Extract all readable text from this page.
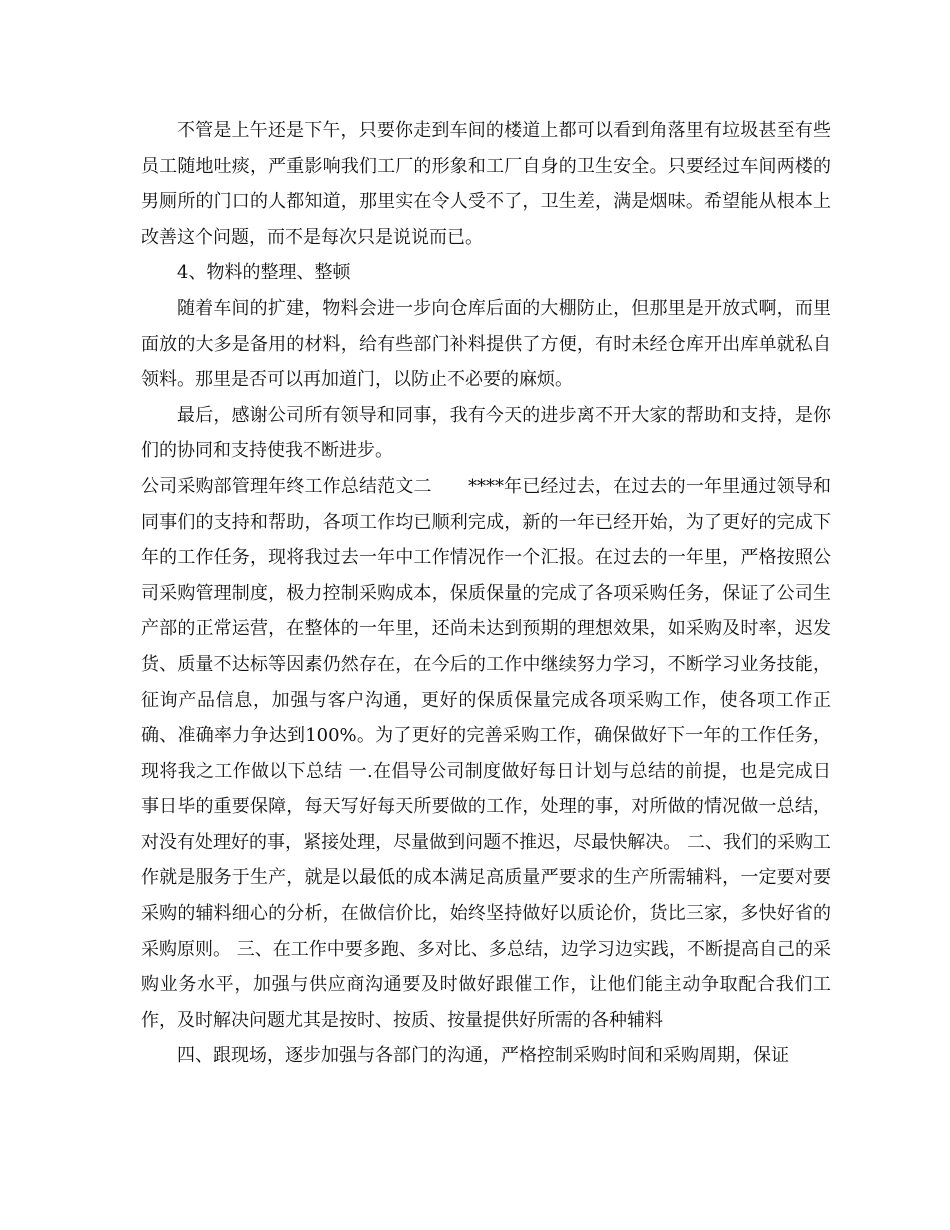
不管是上午还是下午，只要你走到车间的楼道上都可以看到角落里有垃圾甚至有些员工随地吐痰，严重影响我们工厂的形象和工厂自身的卫生安全。只要经过车间两楼的男厕所的门口的人都知道，那里实在令人受不了，卫生差，满是烟味。希望能从根本上改善这个问题，而不是每次只是说说而已。

4、物料的整理、整顿

随着车间的扩建，物料会进一步向仓库后面的大棚防止，但那里是开放式啊，而里面放的大多是备用的材料，给有些部门补料提供了方便，有时未经仓库开出库单就私自领料。那里是否可以再加道门，以防止不必要的麻烦。

最后，感谢公司所有领导和同事，我有今天的进步离不开大家的帮助和支持，是你们的协同和支持使我不断进步。

公司采购部管理年终工作总结范文二　　****年已经过去，在过去的一年里通过领导和同事们的支持和帮助，各项工作均已顺利完成，新的一年已经开始，为了更好的完成下年的工作任务，现将我过去一年中工作情况作一个汇报。在过去的一年里，严格按照公司采购管理制度，极力控制采购成本，保质保量的完成了各项采购任务，保证了公司生产部的正常运营，在整体的一年里，还尚未达到预期的理想效果，如采购及时率，迟发货、质量不达标等因素仍然存在，在今后的工作中继续努力学习，不断学习业务技能，征询产品信息，加强与客户沟通，更好的保质保量完成各项采购工作，使各项工作正确、准确率力争达到100%。为了更好的完善采购工作，确保做好下一年的工作任务，现将我之工作做以下总结 一.在倡导公司制度做好每日计划与总结的前提，也是完成日事日毕的重要保障，每天写好每天所要做的工作，处理的事，对所做的情况做一总结，对没有处理好的事，紧接处理，尽量做到问题不推迟，尽最快解决。 二、我们的采购工作就是服务于生产，就是以最低的成本满足高质量严要求的生产所需辅料，一定要对要采购的辅料细心的分析，在做信价比，始终坚持做好以质论价，货比三家，多快好省的采购原则。 三、在工作中要多跑、多对比、多总结，边学习边实践，不断提高自己的采购业务水平，加强与供应商沟通要及时做好跟催工作，让他们能主动争取配合我们工作，及时解决问题尤其是按时、按质、按量提供好所需的各种辅料

四、跟现场，逐步加强与各部门的沟通，严格控制采购时间和采购周期，保证
